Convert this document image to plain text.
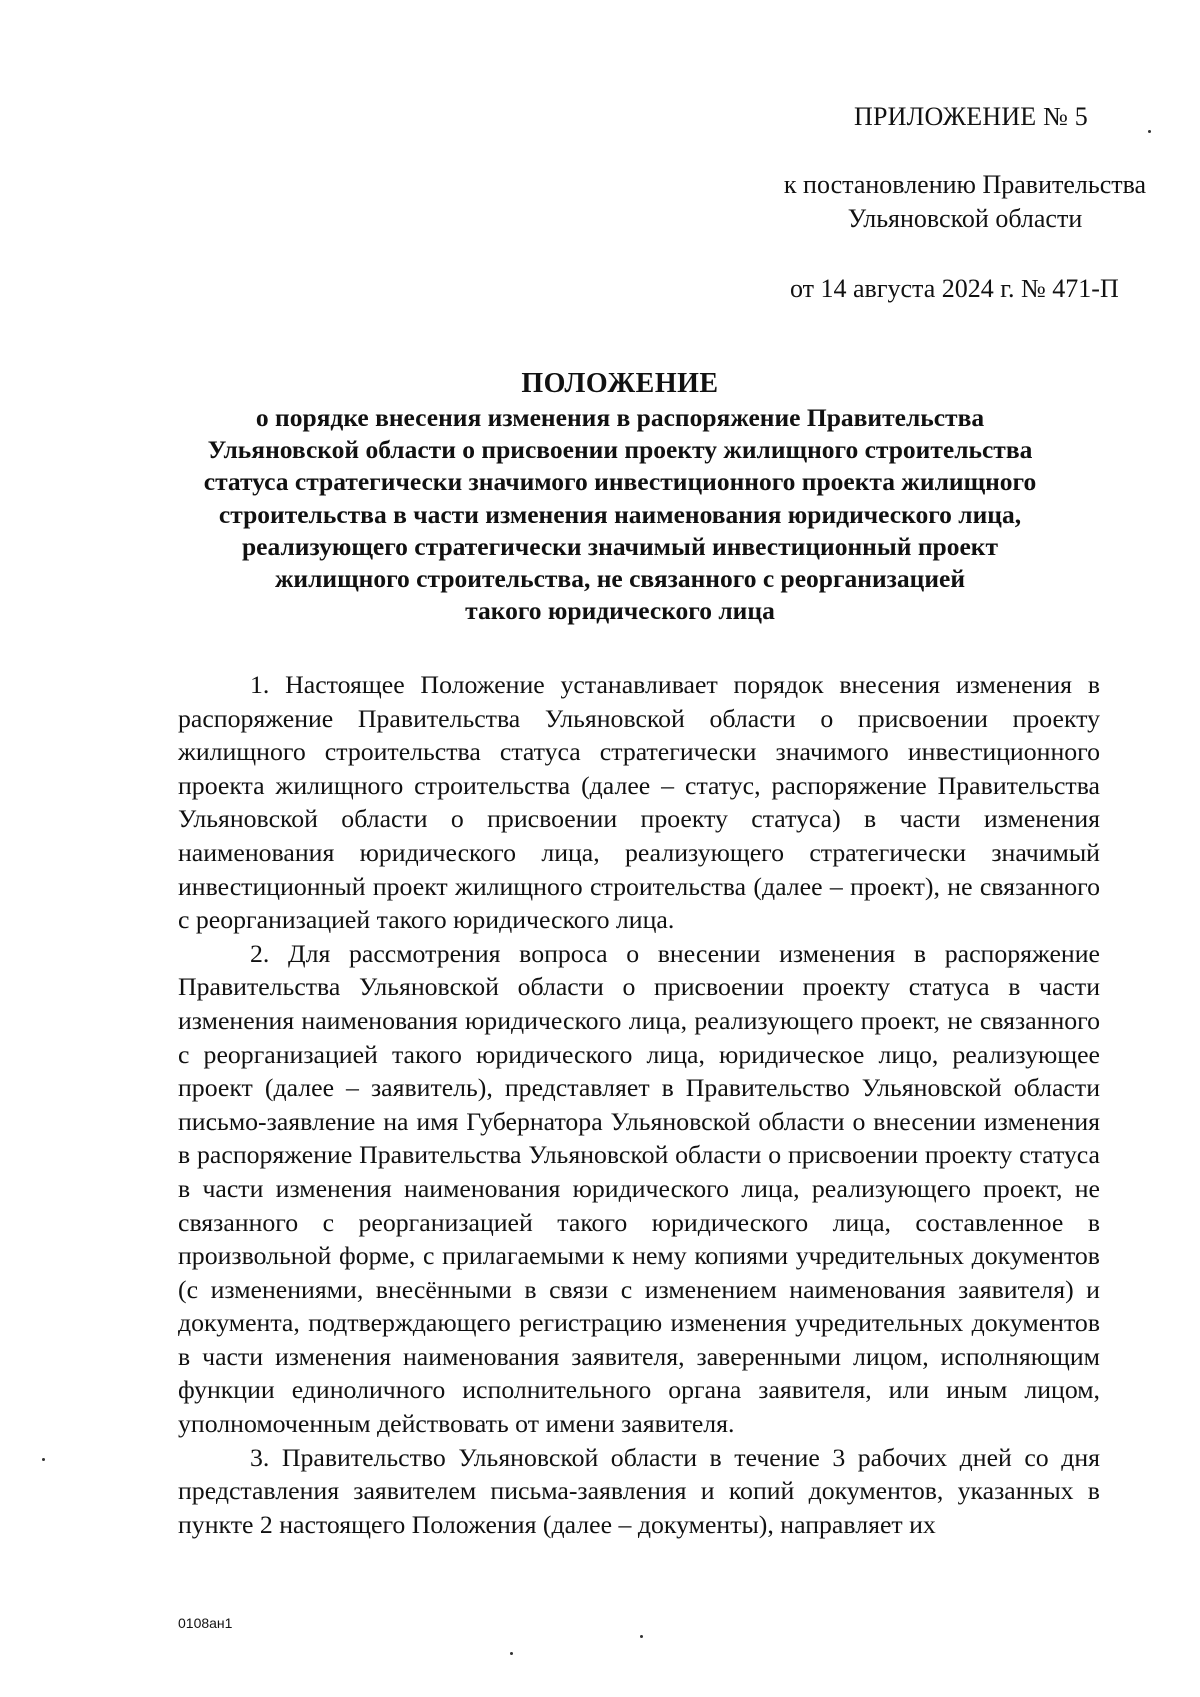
ПРИЛОЖЕНИЕ № 5
к постановлению Правительства
Ульяновской области
от 14 августа 2024 г. № 471-П

ПОЛОЖЕНИЕ

о порядке внесения изменения в распоряжение Правительства
Ульяновской области о присвоении проекту жилищного строительства
статуса стратегически значимого инвестиционного проекта жилищного
строительства в части изменения наименования юридического лица,
реализующего стратегически значимый инвестиционный проект
жилищного строительства, не связанного с реорганизацией
такого юридического лица

1. Настоящее Положение устанавливает порядок внесения изменения в распоряжение Правительства Ульяновской области о присвоении проекту жилищного строительства статуса стратегически значимого инвестиционного проекта жилищного строительства (далее – статус, распоряжение Правительства Ульяновской области о присвоении проекту статуса) в части изменения наименования юридического лица, реализующего стратегически значимый инвестиционный проект жилищного строительства (далее – проект), не связанного с реорганизацией такого юридического лица.

2. Для рассмотрения вопроса о внесении изменения в распоряжение Правительства Ульяновской области о присвоении проекту статуса в части изменения наименования юридического лица, реализующего проект, не связанного с реорганизацией такого юридического лица, юридическое лицо, реализующее проект (далее – заявитель), представляет в Правительство Ульяновской области письмо-заявление на имя Губернатора Ульяновской области о внесении изменения в распоряжение Правительства Ульяновской области о присвоении проекту статуса в части изменения наименования юридического лица, реализующего проект, не связанного с реорганизацией такого юридического лица, составленное в произвольной форме, с прилагаемыми к нему копиями учредительных документов (с изменениями, внесёнными в связи с изменением наименования заявителя) и документа, подтверждающего регистрацию изменения учредительных документов в части изменения наименования заявителя, заверенными лицом, исполняющим функции единоличного исполнительного органа заявителя, или иным лицом, уполномоченным действовать от имени заявителя.

3. Правительство Ульяновской области в течение 3 рабочих дней со дня представления заявителем письма-заявления и копий документов, указанных в пункте 2 настоящего Положения (далее – документы), направляет их

0108ан1
